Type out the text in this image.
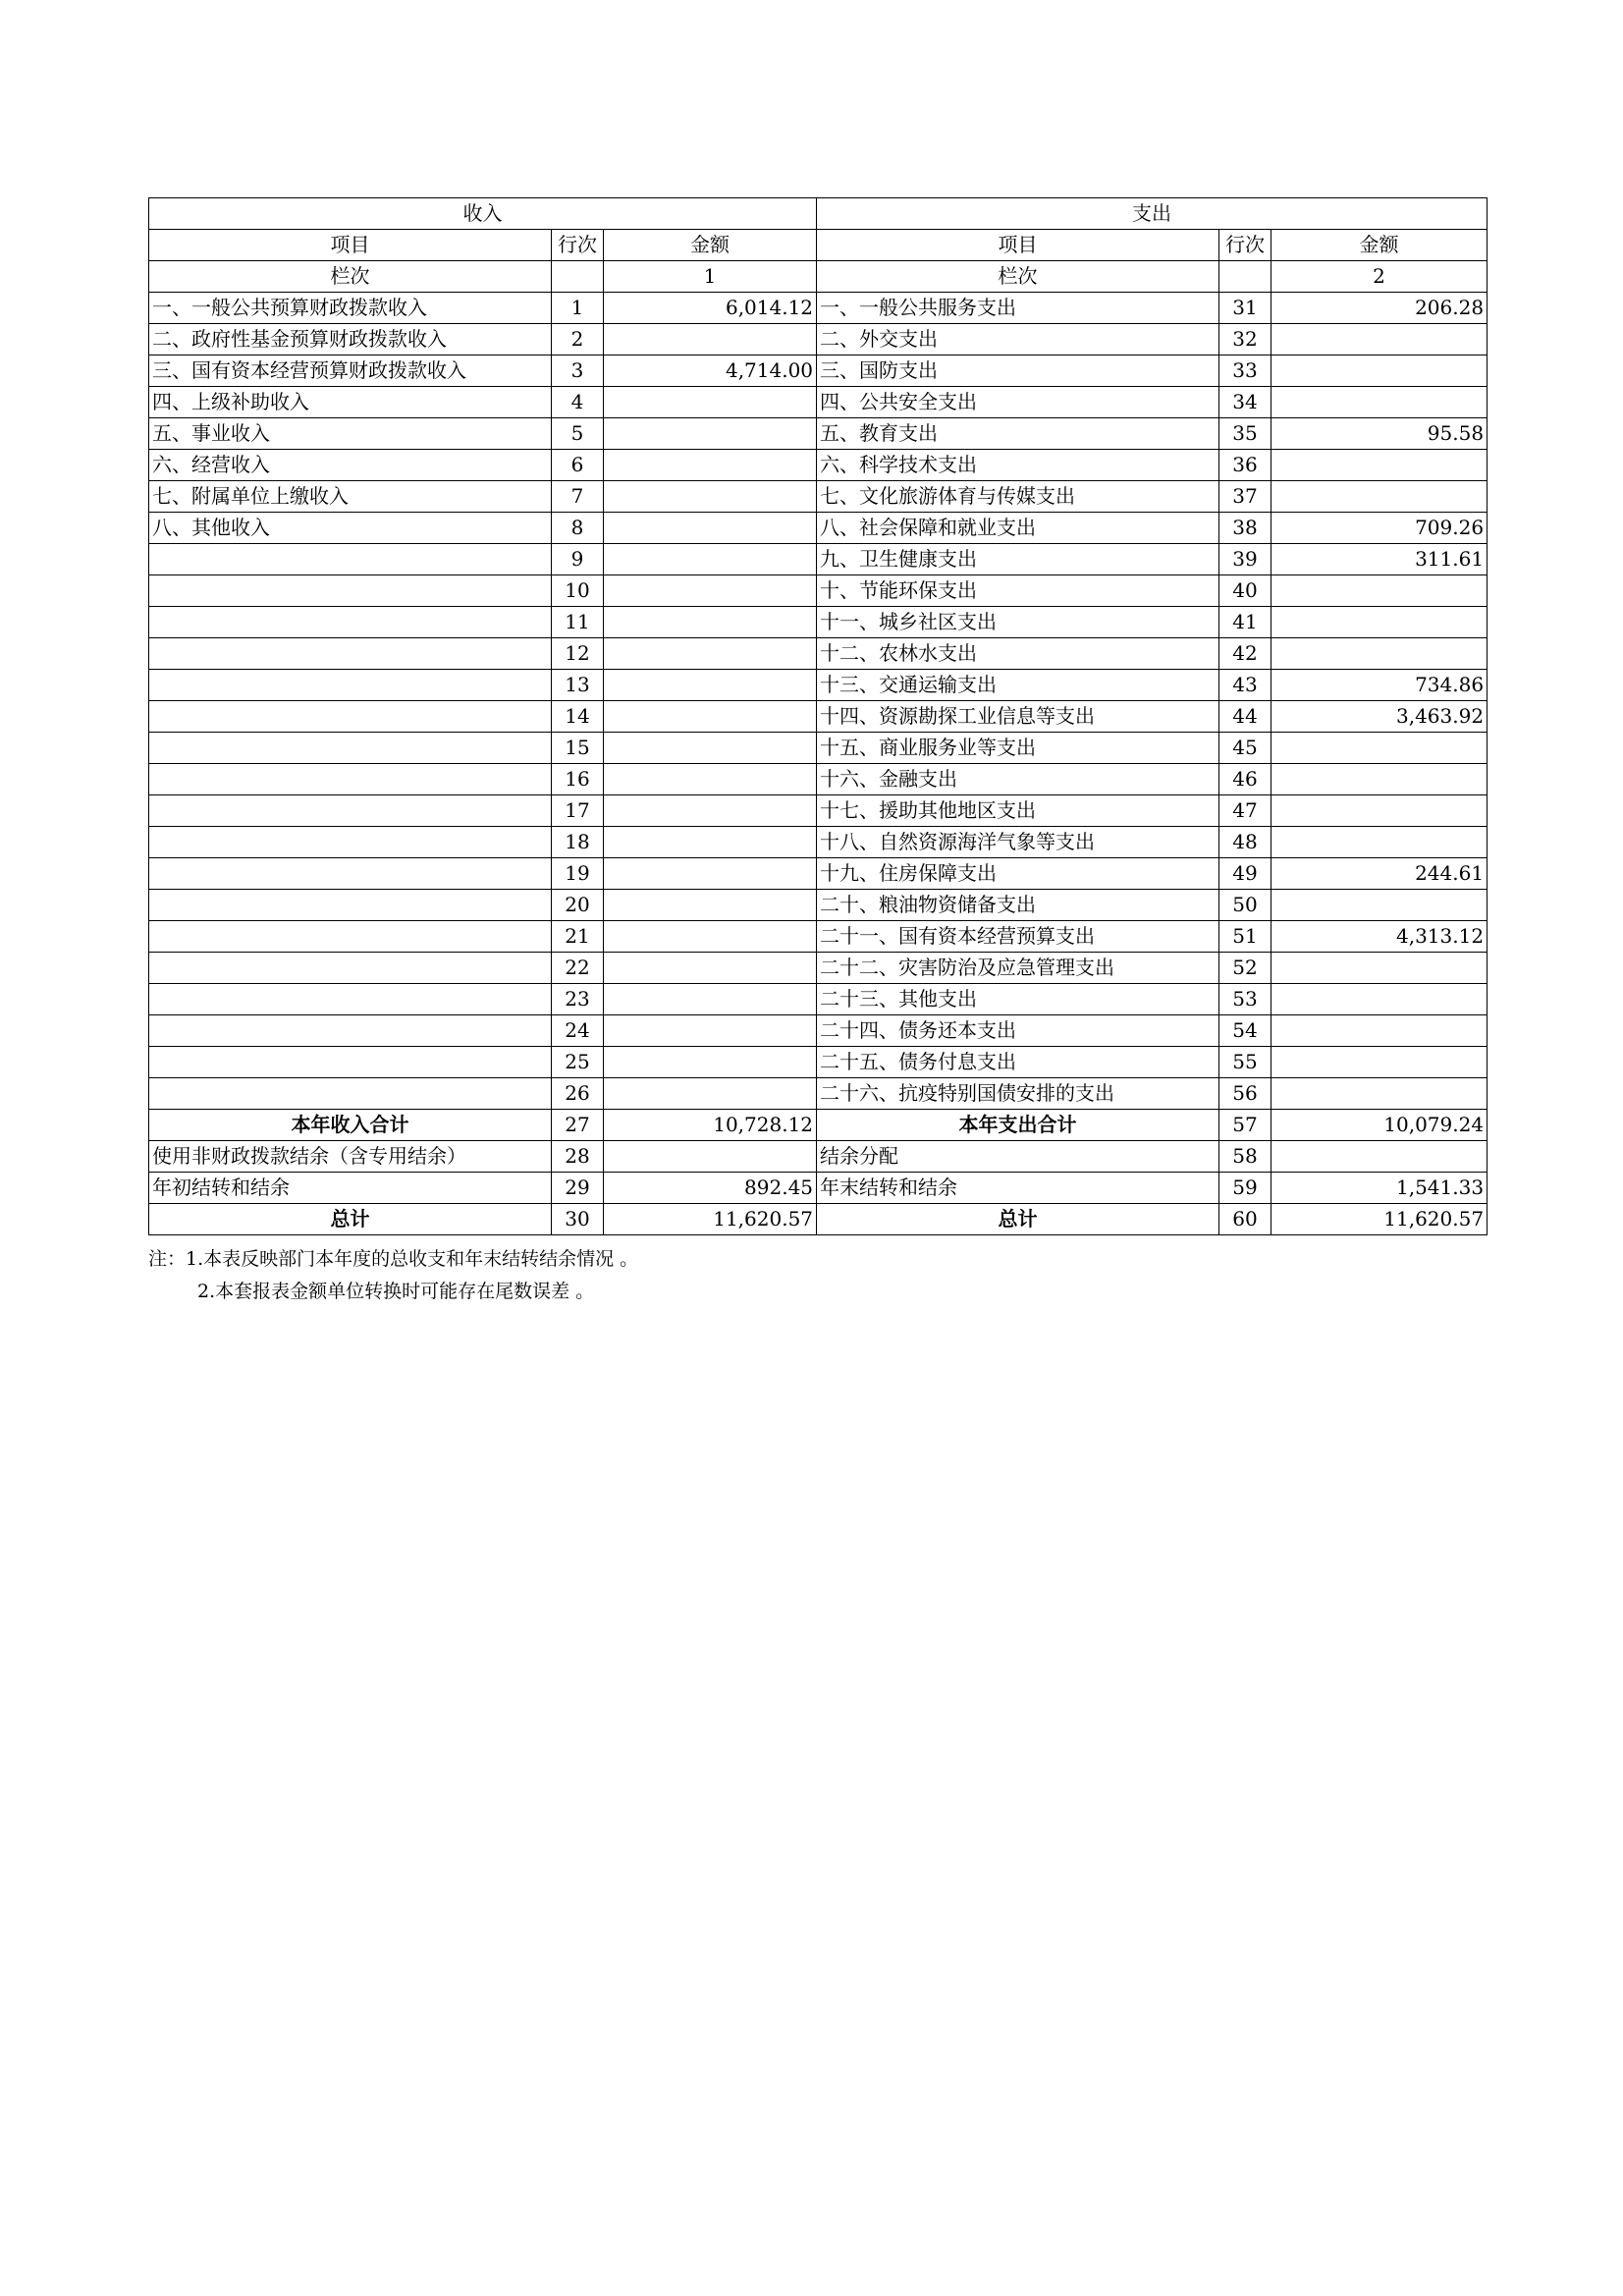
收入			支出		
项目	行次	金额	项目	行次	金额
栏次		1	栏次		2
一、一般公共预算财政拨款收入	1	6,014.12	一、一般公共服务支出	31	206.28
二、政府性基金预算财政拨款收入	2		二、外交支出	32	
三、国有资本经营预算财政拨款收入	3	4,714.00	三、国防支出	33	
四、上级补助收入	4		四、公共安全支出	34	
五、事业收入	5		五、教育支出	35	95.58
六、经营收入	6		六、科学技术支出	36	
七、附属单位上缴收入	7		七、文化旅游体育与传媒支出	37	
八、其他收入	8		八、社会保障和就业支出	38	709.26
	9		九、卫生健康支出	39	311.61
	10		十、节能环保支出	40	
	11		十一、城乡社区支出	41	
	12		十二、农林水支出	42	
	13		十三、交通运输支出	43	734.86
	14		十四、资源勘探工业信息等支出	44	3,463.92
	15		十五、商业服务业等支出	45	
	16		十六、金融支出	46	
	17		十七、援助其他地区支出	47	
	18		十八、自然资源海洋气象等支出	48	
	19		十九、住房保障支出	49	244.61
	20		二十、粮油物资储备支出	50	
	21		二十一、国有资本经营预算支出	51	4,313.12
	22		二十二、灾害防治及应急管理支出	52	
	23		二十三、其他支出	53	
	24		二十四、债务还本支出	54	
	25		二十五、债务付息支出	55	
	26		二十六、抗疫特别国债安排的支出	56	
本年收入合计	27	10,728.12	本年支出合计	57	10,079.24
使用非财政拨款结余（含专用结余）	28		结余分配	58	
年初结转和结余	29	892.45	年末结转和结余	59	1,541.33
总计	30	11,620.57	总计	60	11,620.57
注：1.本表反映部门本年度的总收支和年末结转结余情况 。
2.本套报表金额单位转换时可能存在尾数误差 。
